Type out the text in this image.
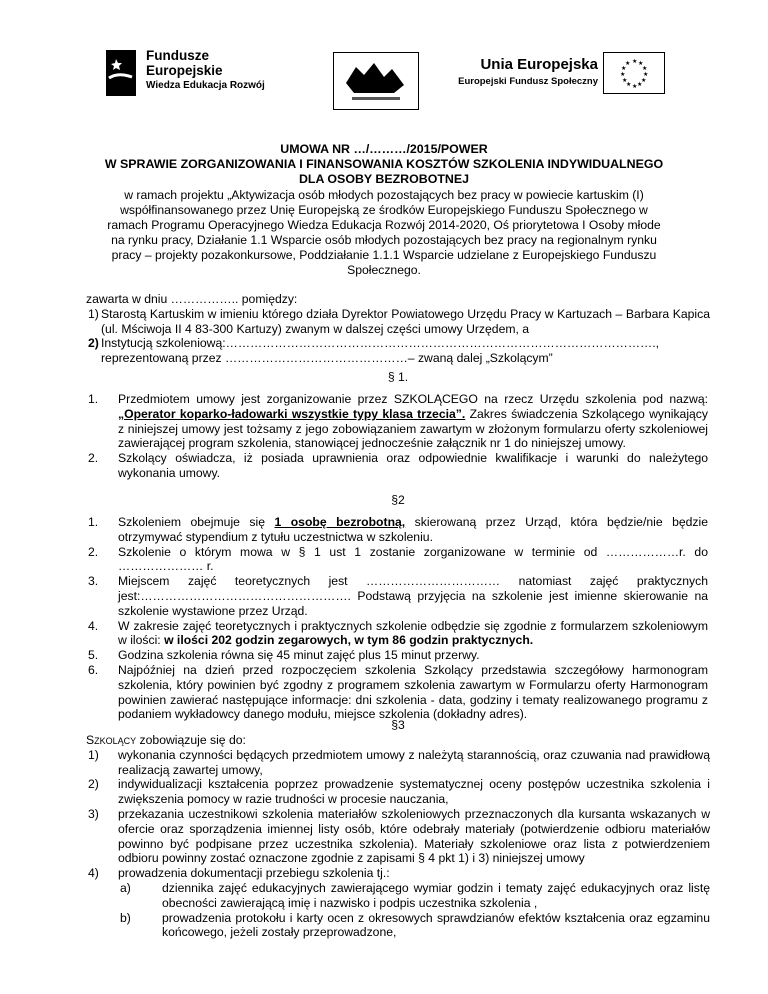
Fundusze
Europejskie
Wiedza Edukacja Rozwój
Unia Europejska
Europejski Fundusz Społeczny
★ ★
★
★
★
★
★
★
★
★
★
★
UMOWA NR …/………/2015/POWER
W SPRAWIE ZORGANIZOWANIA I FINANSOWANIA KOSZTÓW SZKOLENIA INDYWIDUALNEGO
DLA OSOBY BEZROBOTNEJ
w ramach projektu „Aktywizacja osób młodych pozostających bez pracy w powiecie kartuskim (I) współfinansowanego przez Unię Europejską ze środków Europejskiego Funduszu Społecznego w ramach Programu Operacyjnego Wiedza Edukacja Rozwój 2014-2020, Oś priorytetowa I Osoby młode na rynku pracy, Działanie 1.1 Wsparcie osób młodych pozostających bez pracy na regionalnym rynku pracy – projekty pozakonkursowe, Poddziałanie 1.1.1 Wsparcie udzielane z Europejskiego Funduszu Społecznego.
zawarta w dniu …………….. pomiędzy:
1) Starostą Kartuskim w imieniu którego działa Dyrektor Powiatowego Urzędu Pracy w Kartuzach – Barbara Kapica (ul. Mściwoja II 4 83-300 Kartuzy) zwanym w dalszej części umowy Urzędem, a
2) Instytucją szkoleniową:…………………………………………………………………………………………….,
reprezentowaną przez ………………………………………– zwaną dalej „Szkolącym”
§ 1.
1. Przedmiotem umowy jest zorganizowanie przez SZKOLĄCEGO na rzecz Urzędu szkolenia pod nazwą: „Operator koparko-ładowarki wszystkie typy klasa trzecia”. Zakres świadczenia Szkolącego wynikający z niniejszej umowy jest tożsamy z jego zobowiązaniem zawartym w złożonym formularzu oferty szkoleniowej zawierającej program szkolenia, stanowiącej jednocześnie załącznik nr 1 do niniejszej umowy.
2. Szkolący oświadcza, iż posiada uprawnienia oraz odpowiednie kwalifikacje i warunki do należytego wykonania umowy.
§2
1. Szkoleniem obejmuje się 1 osobę bezrobotną, skierowaną przez Urząd, która będzie/nie będzie otrzymywać stypendium z tytułu uczestnictwa w szkoleniu.
2. Szkolenie o którym mowa w § 1 ust 1 zostanie zorganizowane w terminie od ………………r. do ………………… r.
3. Miejscem zajęć teoretycznych jest …………………………… natomiast zajęć praktycznych jest:……………………………………………. Podstawą przyjęcia na szkolenie jest imienne skierowanie na szkolenie wystawione przez Urząd.
4. W zakresie zajęć teoretycznych i praktycznych szkolenie odbędzie się zgodnie z formularzem szkoleniowym w ilości: w ilości 202 godzin zegarowych, w tym 86 godzin praktycznych.
5. Godzina szkolenia równa się 45 minut zajęć plus 15 minut przerwy.
6. Najpóźniej na dzień przed rozpoczęciem szkolenia Szkolący przedstawia szczegółowy harmonogram szkolenia, który powinien być zgodny z programem szkolenia zawartym w Formularzu oferty Harmonogram powinien zawierać następujące informacje: dni szkolenia - data, godziny i tematy realizowanego programu z podaniem wykładowcy danego modułu, miejsce szkolenia (dokładny adres).
§3
Szkolący zobowiązuje się do:
1) wykonania czynności będących przedmiotem umowy z należytą starannością, oraz czuwania nad prawidłową realizacją zawartej umowy,
2) indywidualizacji kształcenia poprzez prowadzenie systematycznej oceny postępów uczestnika szkolenia i zwiększenia pomocy w razie trudności w procesie nauczania,
3) przekazania uczestnikowi szkolenia materiałów szkoleniowych przeznaczonych dla kursanta wskazanych w ofercie oraz sporządzenia imiennej listy osób, które odebrały materiały (potwierdzenie odbioru materiałów powinno być podpisane przez uczestnika szkolenia). Materiały szkoleniowe oraz lista z potwierdzeniem odbioru powinny zostać oznaczone zgodnie z zapisami § 4 pkt 1) i 3) niniejszej umowy
4) prowadzenia dokumentacji przebiegu szkolenia tj.:
a)	dziennika zajęć edukacyjnych zawierającego wymiar godzin i tematy zajęć edukacyjnych oraz listę obecności zawierającą imię i nazwisko i podpis uczestnika szkolenia ,
b)	prowadzenia protokołu i karty ocen z okresowych sprawdzianów efektów kształcenia oraz egzaminu końcowego, jeżeli zostały przeprowadzone,
